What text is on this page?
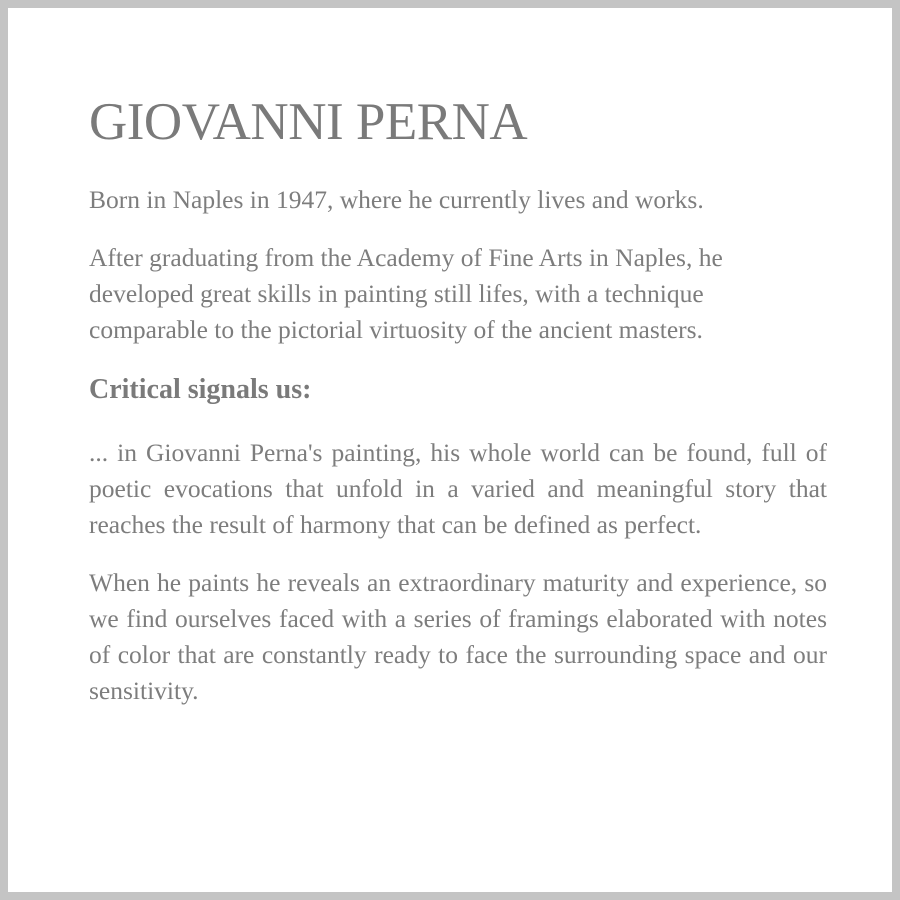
GIOVANNI PERNA

Born in Naples in 1947, where he currently lives and works.

After graduating from the Academy of Fine Arts in Naples, he developed great skills in painting still lifes, with a technique comparable to the pictorial virtuosity of the ancient masters.

Critical signals us:

... in Giovanni Perna's painting, his whole world can be found, full of poetic evocations that unfold in a varied and meaningful story that reaches the result of harmony that can be defined as perfect.

When he paints he reveals an extraordinary maturity and experience, so we find ourselves faced with a series of framings elaborated with notes of color that are constantly ready to face the surrounding space and our sensitivity.
